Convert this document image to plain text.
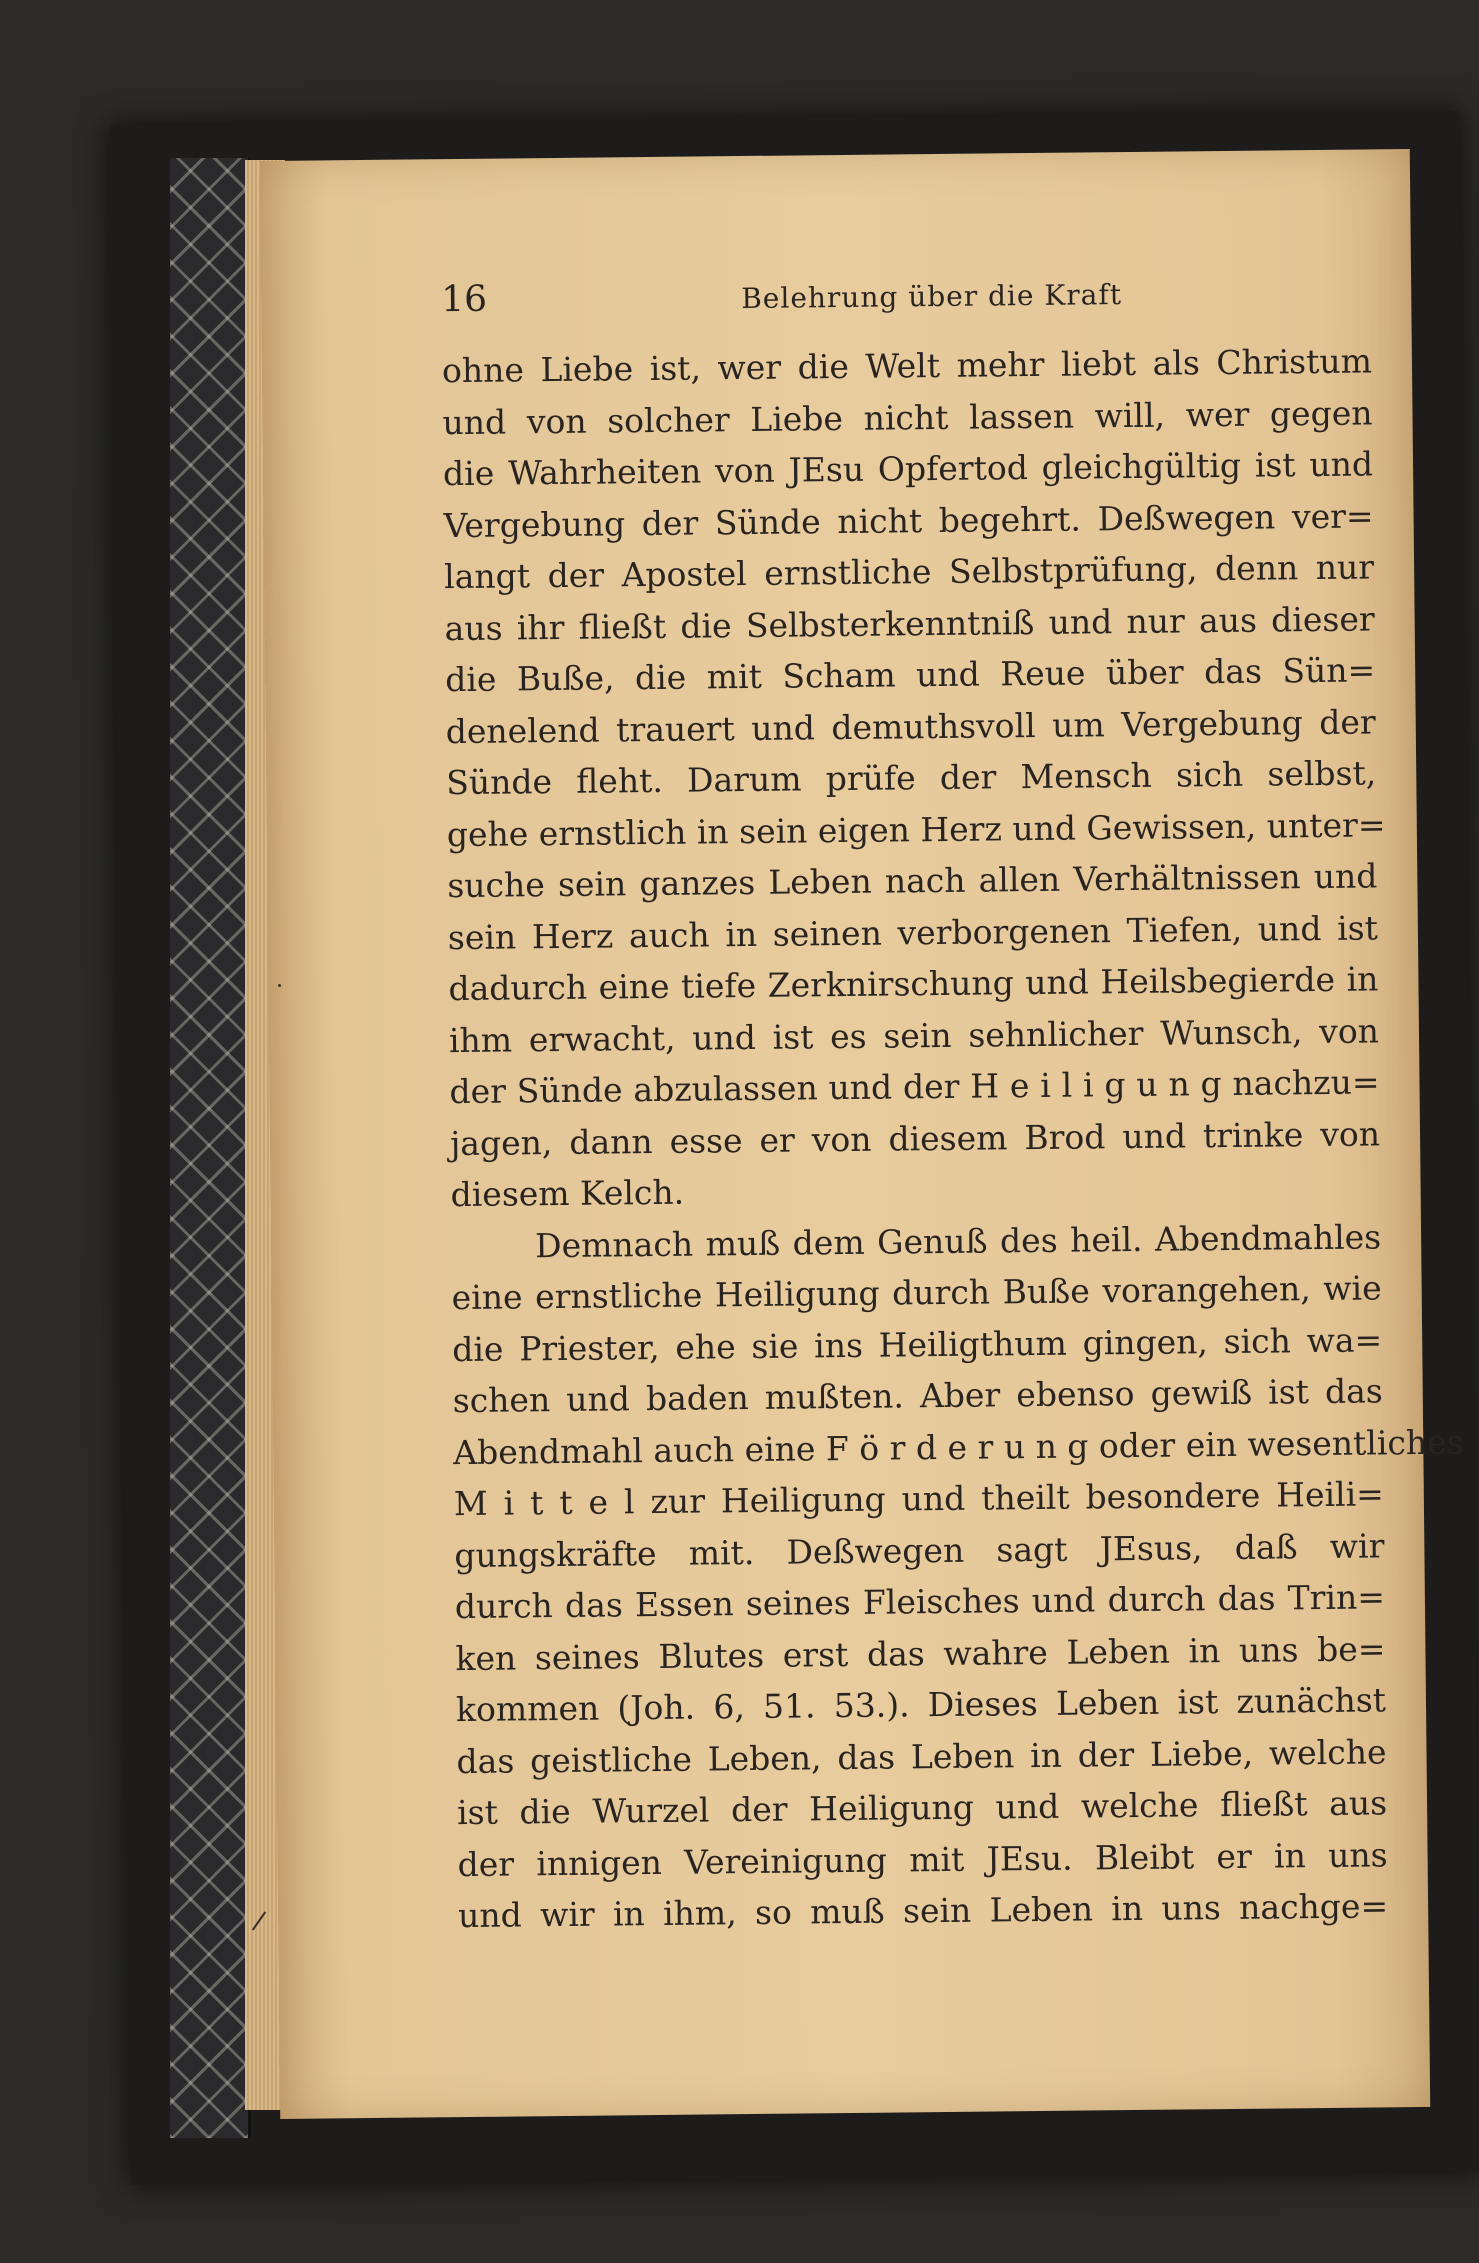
16	Belehrung über die Kraft
ohne Liebe ist, wer die Welt mehr liebt als Christum
und von solcher Liebe nicht lassen will, wer gegen
die Wahrheiten von JEsu Opfertod gleichgültig ist und
Vergebung der Sünde nicht begehrt. Deßwegen ver=
langt der Apostel ernstliche Selbstprüfung, denn nur
aus ihr fließt die Selbsterkenntniß und nur aus dieser
die Buße, die mit Scham und Reue über das Sün=
denelend trauert und demuthsvoll um Vergebung der
Sünde fleht. Darum prüfe der Mensch sich selbst,
gehe ernstlich in sein eigen Herz und Gewissen, unter=
suche sein ganzes Leben nach allen Verhältnissen und
sein Herz auch in seinen verborgenen Tiefen, und ist
dadurch eine tiefe Zerknirschung und Heilsbegierde in
ihm erwacht, und ist es sein sehnlicher Wunsch, von
der Sünde abzulassen und der H e i l i g u n g nachzu=
jagen, dann esse er von diesem Brod und trinke von
diesem Kelch.
Demnach muß dem Genuß des heil. Abendmahles
eine ernstliche Heiligung durch Buße vorangehen, wie
die Priester, ehe sie ins Heiligthum gingen, sich wa=
schen und baden mußten. Aber ebenso gewiß ist das
Abendmahl auch eine F ö r d e r u n g oder ein wesentliches
M i t t e l zur Heiligung und theilt besondere Heili=
gungskräfte mit. Deßwegen sagt JEsus, daß wir
durch das Essen seines Fleisches und durch das Trin=
ken seines Blutes erst das wahre Leben in uns be=
kommen (Joh. 6, 51. 53.). Dieses Leben ist zunächst
das geistliche Leben, das Leben in der Liebe, welche
ist die Wurzel der Heiligung und welche fließt aus
der innigen Vereinigung mit JEsu. Bleibt er in uns
und wir in ihm, so muß sein Leben in uns nachge=
